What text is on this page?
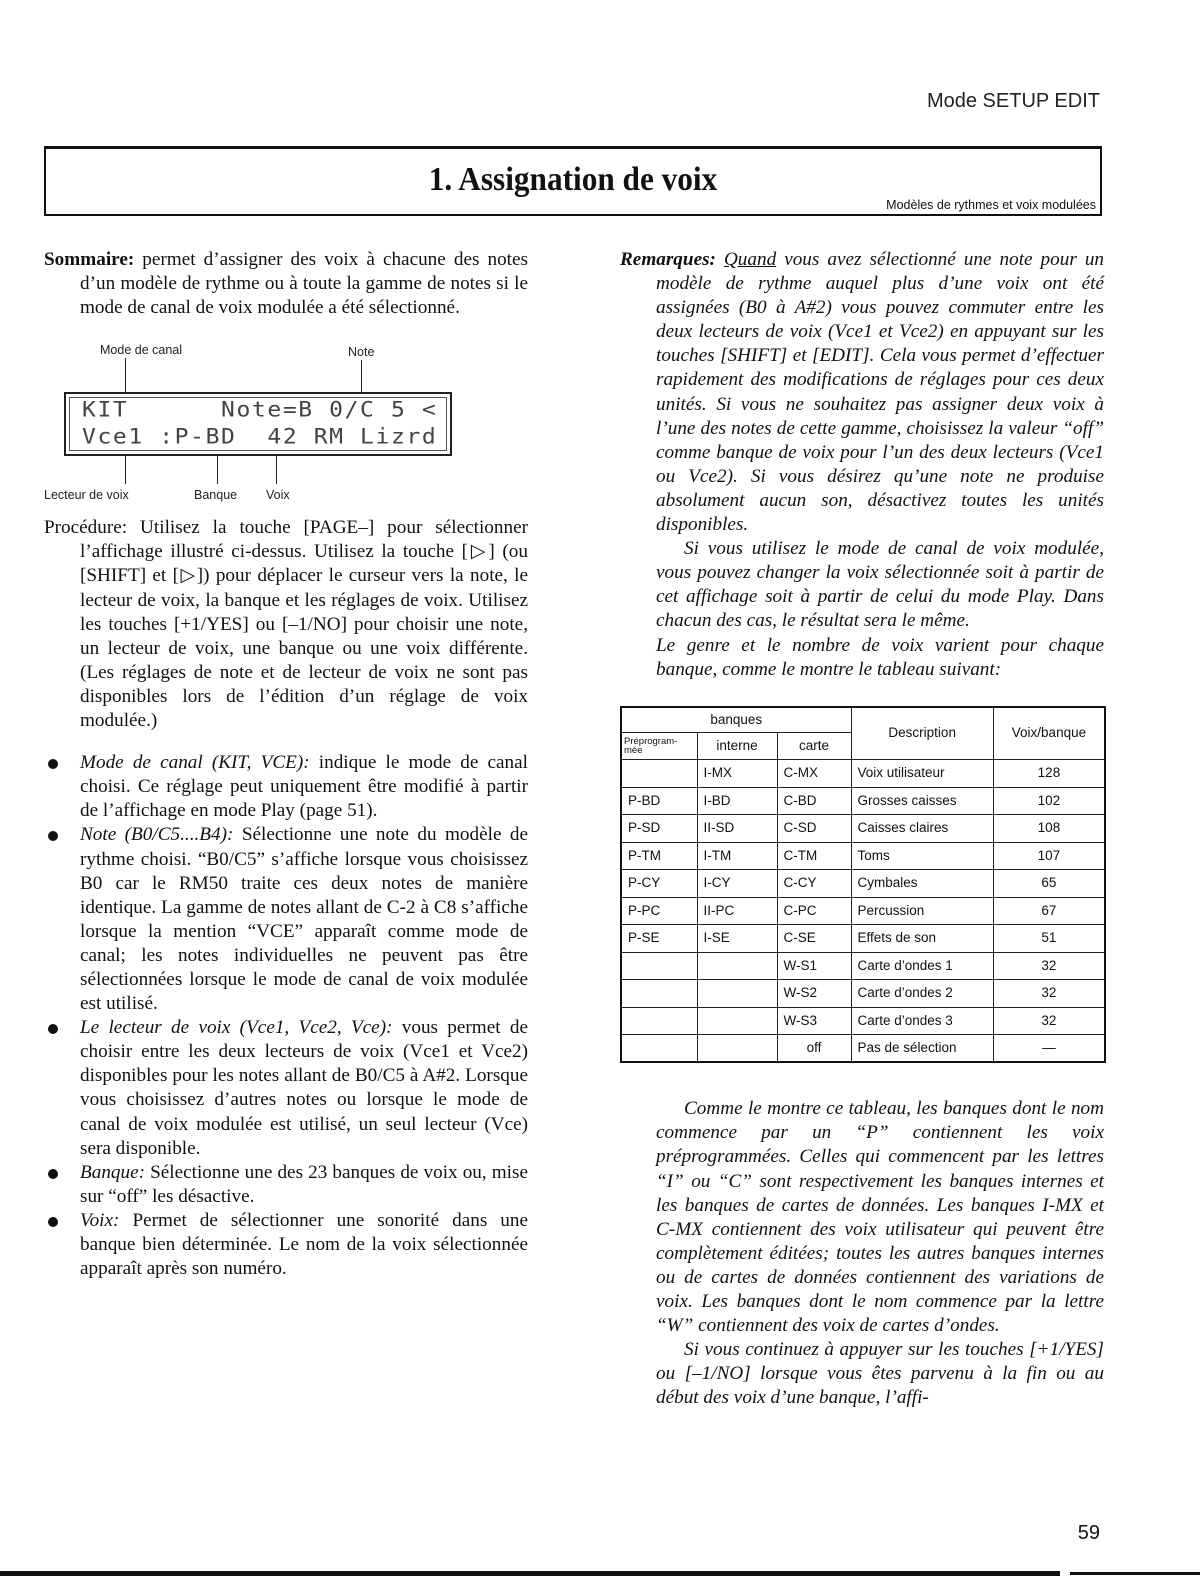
Mode SETUP EDIT
1. Assignation de voix
Modèles de rythmes et voix modulées

Sommaire: permet d’assigner des voix à chacune des notes d’un modèle de rythme ou à toute la gamme de notes si le mode de canal de voix modulée a été sélectionné.

Mode de canal	Note
KIT      Note=B 0/C 5 <
Vce1 :P-BD  42 RM Lizrd
Lecteur de voix	Banque Voix

Procédure: Utilisez la touche [PAGE–] pour sélectionner l’affichage illustré ci-dessus. Utilisez la touche [▷] (ou [SHIFT] et [▷]) pour déplacer le curseur vers la note, le lecteur de voix, la banque et les réglages de voix. Utilisez les touches [+1/YES] ou [–1/NO] pour choisir une note, un lecteur de voix, une banque ou une voix différente. (Les réglages de note et de lecteur de voix ne sont pas disponibles lors de l’édition d’un réglage de voix modulée.)

Mode de canal (KIT, VCE): indique le mode de canal choisi. Ce réglage peut uniquement être modifié à partir de l’affichage en mode Play (page 51).
Note (B0/C5....B4): Sélectionne une note du modèle de rythme choisi. “B0/C5” s’affiche lorsque vous choisissez B0 car le RM50 traite ces deux notes de manière identique. La gamme de notes allant de C-2 à C8 s’affiche lorsque la mention “VCE” apparaît comme mode de canal; les notes individuelles ne peuvent pas être sélectionnées lorsque le mode de canal de voix modulée est utilisé.
Le lecteur de voix (Vce1, Vce2, Vce): vous permet de choisir entre les deux lecteurs de voix (Vce1 et Vce2) disponibles pour les notes allant de B0/C5 à A#2. Lorsque vous choisissez d’autres notes ou lorsque le mode de canal de voix modulée est utilisé, un seul lecteur (Vce) sera disponible.
Banque: Sélectionne une des 23 banques de voix ou, mise sur “off” les désactive.
Voix: Permet de sélectionner une sonorité dans une banque bien déterminée. Le nom de la voix sélectionnée apparaît après son numéro.

Remarques: Quand vous avez sélectionné une note pour un modèle de rythme auquel plus d’une voix ont été assignées (B0 à A#2) vous pouvez commuter entre les deux lecteurs de voix (Vce1 et Vce2) en appuyant sur les touches [SHIFT] et [EDIT]. Cela vous permet d’effectuer rapidement des modifications de réglages pour ces deux unités. Si vous ne souhaitez pas assigner deux voix à l’une des notes de cette gamme, choisissez la valeur “off” comme banque de voix pour l’un des deux lecteurs (Vce1 ou Vce2). Si vous désirez qu’une note ne produise absolument aucun son, désactivez toutes les unités disponibles.

Si vous utilisez le mode de canal de voix modulée, vous pouvez changer la voix sélectionnée soit à partir de cet affichage soit à partir de celui du mode Play. Dans chacun des cas, le résultat sera le même.

Le genre et le nombre de voix varient pour chaque banque, comme le montre le tableau suivant:

banques			Description	Voix/banque
Préprogram-mée	interne	carte		
	I-MX	C-MX	Voix utilisateur	128
P-BD	I-BD	C-BD	Grosses caisses	102
P-SD	II-SD	C-SD	Caisses claires	108
P-TM	I-TM	C-TM	Toms	107
P-CY	I-CY	C-CY	Cymbales	65
P-PC	II-PC	C-PC	Percussion	67
P-SE	I-SE	C-SE	Effets de son	51
		W-S1	Carte d’ondes 1	32
		W-S2	Carte d’ondes 2	32
		W-S3	Carte d’ondes 3	32
		off	Pas de sélection	—

Comme le montre ce tableau, les banques dont le nom commence par un “P” contiennent les voix préprogrammées. Celles qui commencent par les lettres “I” ou “C” sont respectivement les banques internes et les banques de cartes de données. Les banques I-MX et C-MX contiennent des voix utilisateur qui peuvent être complètement éditées; toutes les autres banques internes ou de cartes de données contiennent des variations de voix. Les banques dont le nom commence par la lettre “W” contiennent des voix de cartes d’ondes.

Si vous continuez à appuyer sur les touches [+1/YES] ou [–1/NO] lorsque vous êtes parvenu à la fin ou au début des voix d’une banque, l’affi-

59
